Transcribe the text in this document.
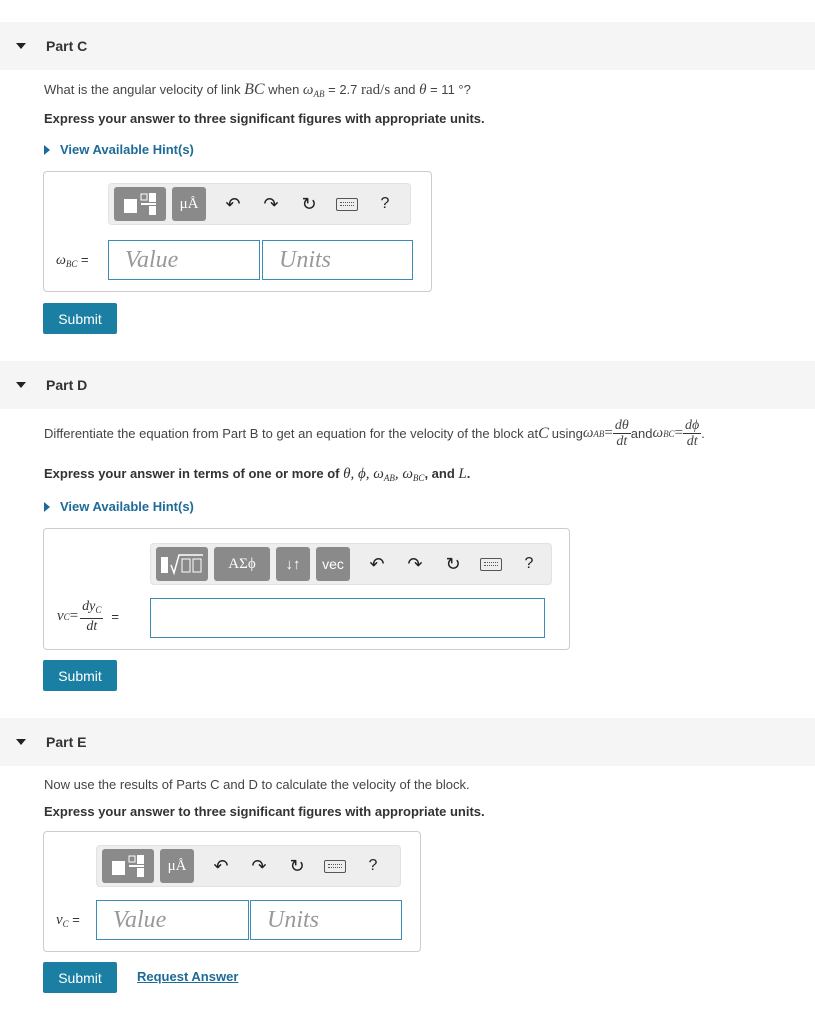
Part C
What is the angular velocity of link BC when $\omega_{AB} = 2.7$ rad/s and θ = 11 °?
Express your answer to three significant figures with appropriate units.
View Available Hint(s)
μÅ	↶	↷	↻	?
$\omega_{BC}$ =	Value	Units
Submit
Part D
Differentiate the equation from Part B to get an equation for the velocity of the block at C using ω AB = $\frac{d\theta}{dt}$ and ω BC = $\frac{d\phi}{dt}$ .
Express your answer in terms of one or more of θ, ϕ, $\omega_{AB}$, $\omega_{BC}$, and L.
View Available Hint(s)
ΑΣϕ ↓↑ vec	↶	↷	↻	?
v $C = \frac{dy_C}{dt}$ =
Submit
Part E
Now use the results of Parts C and D to calculate the velocity of the block.
Express your answer to three significant figures with appropriate units.
μÅ	↶	↷	↻	?
$v_C$ =	Value	Units
Submit	Request Answer
